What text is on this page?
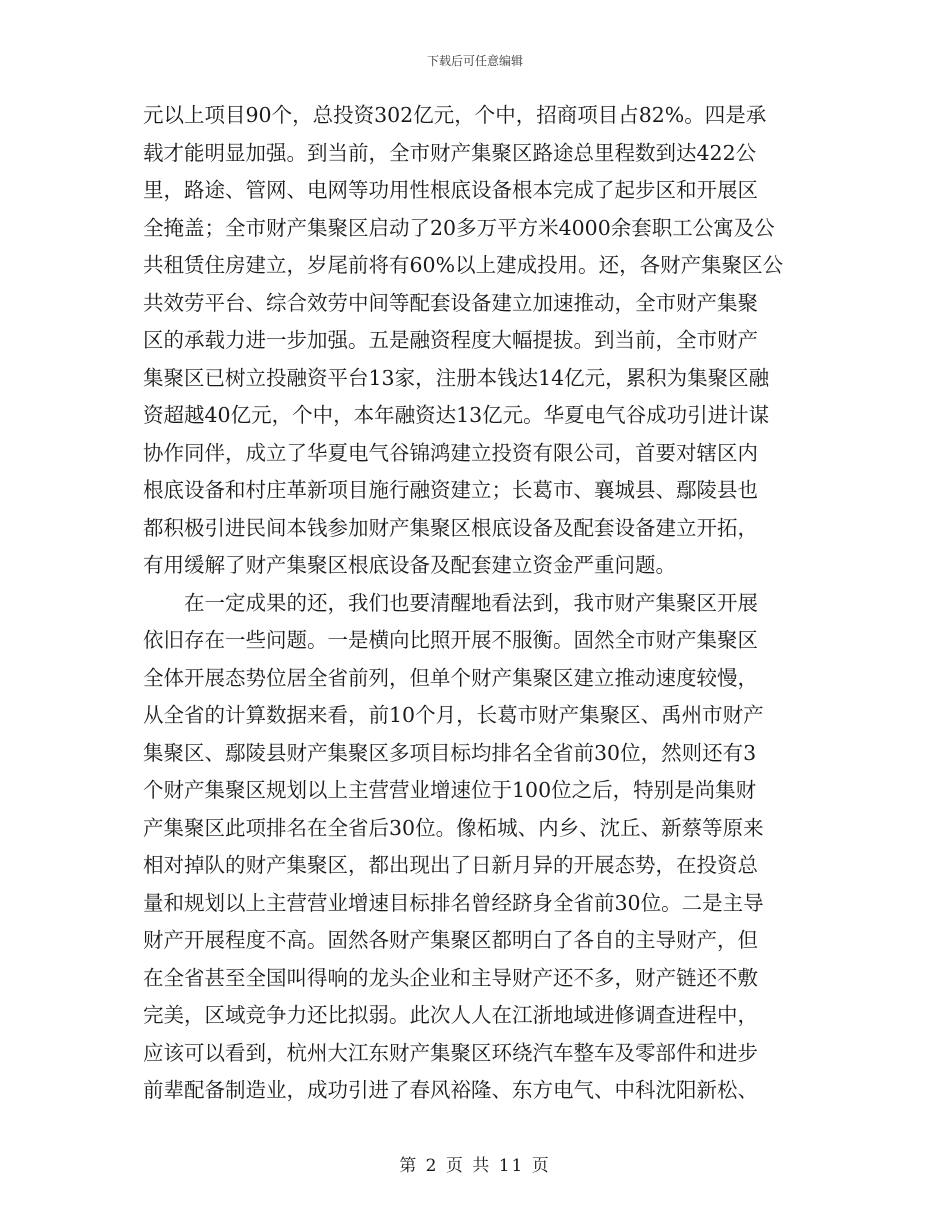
下载后可任意编辑
元以上项目90个，总投资302亿元，个中，招商项目占82%。四是承
载才能明显加强。到当前，全市财产集聚区路途总里程数到达422公
里，路途、管网、电网等功用性根底设备根本完成了起步区和开展区
全掩盖；全市财产集聚区启动了20多万平方米4000余套职工公寓及公
共租赁住房建立，岁尾前将有60%以上建成投用。还，各财产集聚区公
共效劳平台、综合效劳中间等配套设备建立加速推动，全市财产集聚
区的承载力进一步加强。五是融资程度大幅提拔。到当前，全市财产
集聚区已树立投融资平台13家，注册本钱达14亿元，累积为集聚区融
资超越40亿元，个中，本年融资达13亿元。华夏电气谷成功引进计谋
协作同伴，成立了华夏电气谷锦鸿建立投资有限公司，首要对辖区内
根底设备和村庄革新项目施行融资建立；长葛市、襄城县、鄢陵县也
都积极引进民间本钱参加财产集聚区根底设备及配套设备建立开拓，
有用缓解了财产集聚区根底设备及配套建立资金严重问题。
在一定成果的还，我们也要清醒地看法到，我市财产集聚区开展
依旧存在一些问题。一是横向比照开展不服衡。固然全市财产集聚区
全体开展态势位居全省前列，但单个财产集聚区建立推动速度较慢，
从全省的计算数据来看，前10个月，长葛市财产集聚区、禹州市财产
集聚区、鄢陵县财产集聚区多项目标均排名全省前30位，然则还有3
个财产集聚区规划以上主营营业增速位于100位之后，特别是尚集财
产集聚区此项排名在全省后30位。像柘城、内乡、沈丘、新蔡等原来
相对掉队的财产集聚区，都出现出了日新月异的开展态势，在投资总
量和规划以上主营营业增速目标排名曾经跻身全省前30位。二是主导
财产开展程度不高。固然各财产集聚区都明白了各自的主导财产，但
在全省甚至全国叫得响的龙头企业和主导财产还不多，财产链还不敷
完美，区域竞争力还比拟弱。此次人人在江浙地域进修调查进程中，
应该可以看到，杭州大江东财产集聚区环绕汽车整车及零部件和进步
前辈配备制造业，成功引进了春风裕隆、东方电气、中科沈阳新松、
第 2 页 共 11 页
